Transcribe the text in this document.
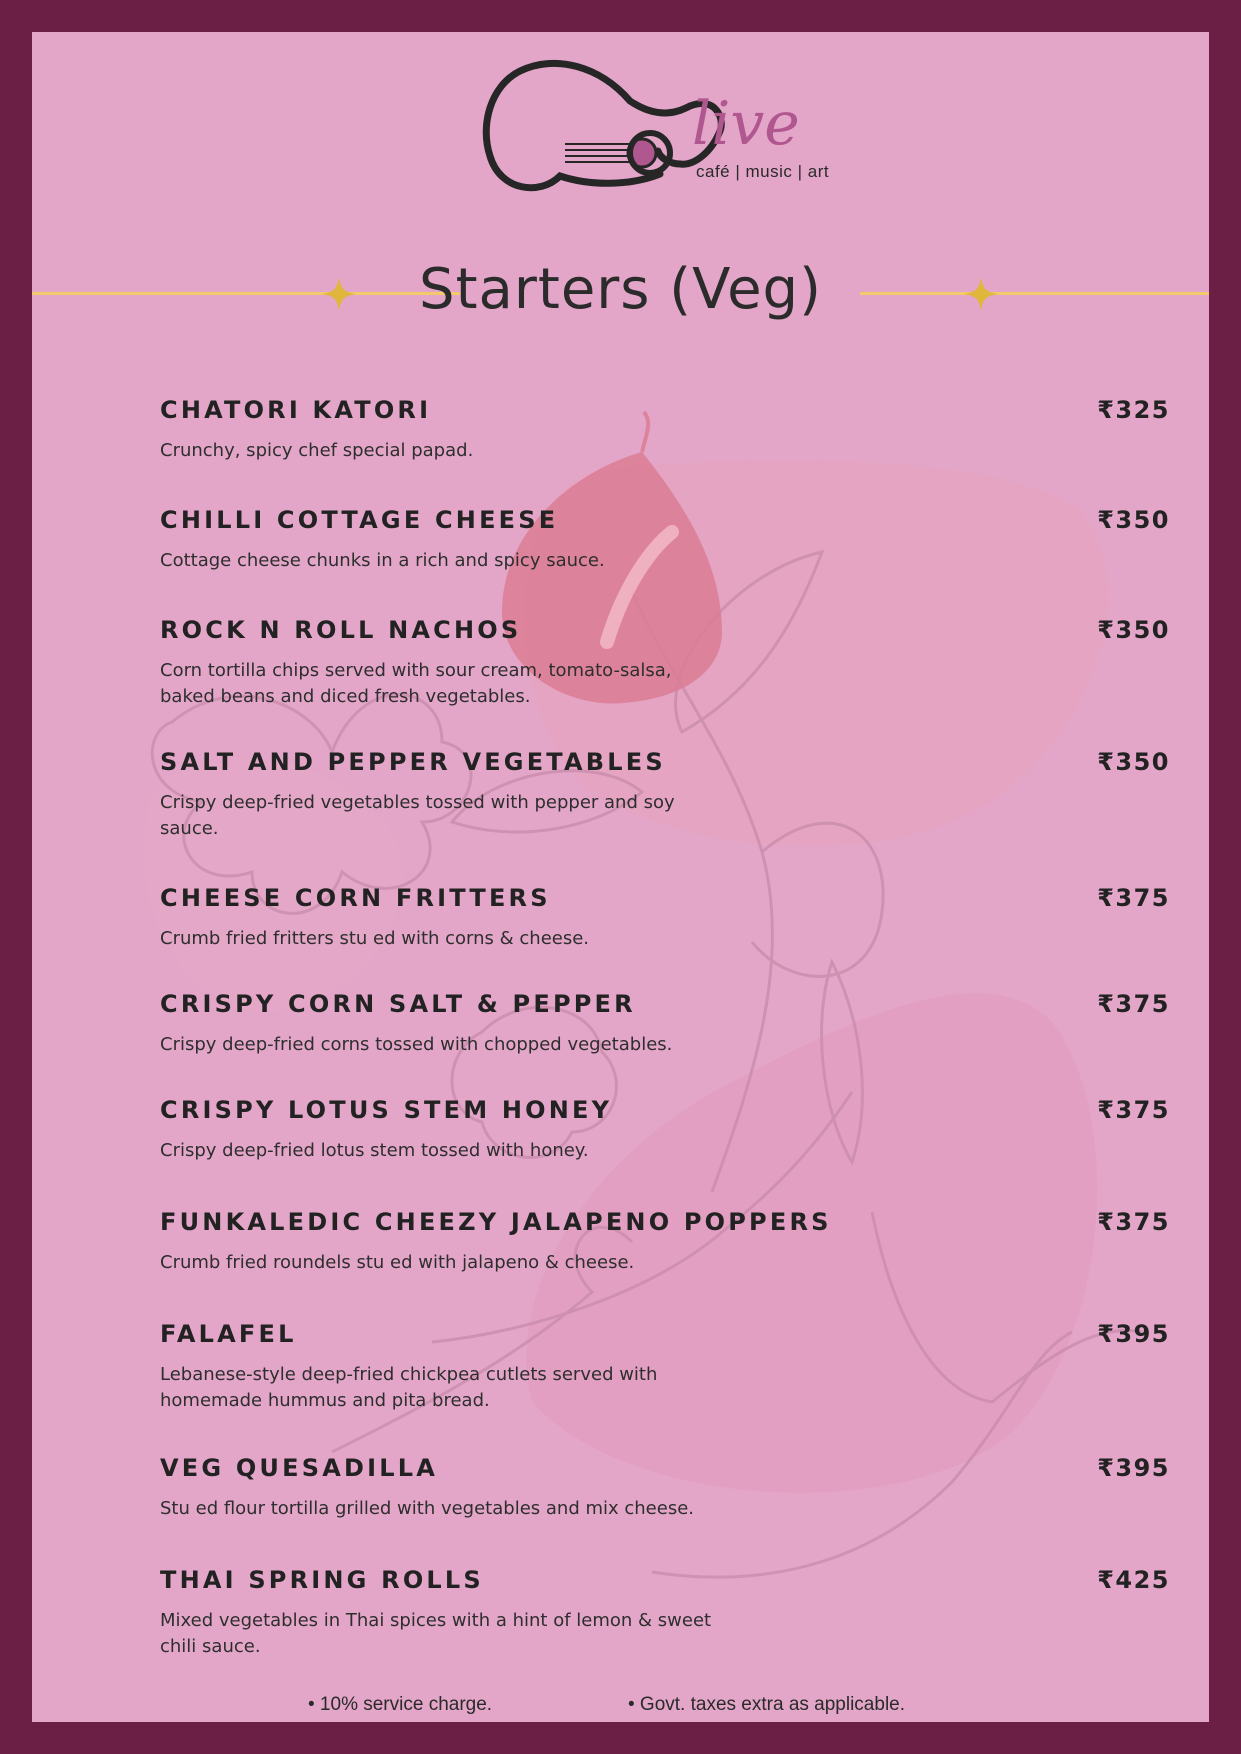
live
café | music | art
Starters (Veg)
CHATORI KATORI	₹325
Crunchy, spicy chef special papad.
CHILLI COTTAGE CHEESE	₹350
Cottage cheese chunks in a rich and spicy sauce.
ROCK N ROLL NACHOS	₹350
Corn tortilla chips served with sour cream, tomato-salsa, baked beans and diced fresh vegetables.
SALT AND PEPPER VEGETABLES	₹350
Crispy deep-fried vegetables tossed with pepper and soy sauce.
CHEESE CORN FRITTERS	₹375
Crumb fried fritters stu ed with corns & cheese.
CRISPY CORN SALT & PEPPER	₹375
Crispy deep-fried corns tossed with chopped vegetables.
CRISPY LOTUS STEM HONEY	₹375
Crispy deep-fried lotus stem tossed with honey.
FUNKALEDIC CHEEZY JALAPENO POPPERS	₹375
Crumb fried roundels stu ed with jalapeno & cheese.
FALAFEL	₹395
Lebanese-style deep-fried chickpea cutlets served with homemade hummus and pita bread.
VEG QUESADILLA	₹395
Stu ed flour tortilla grilled with vegetables and mix cheese.
THAI SPRING ROLLS	₹425
Mixed vegetables in Thai spices with a hint of lemon & sweet chili sauce.
• 10% service charge.	• Govt. taxes extra as applicable.
